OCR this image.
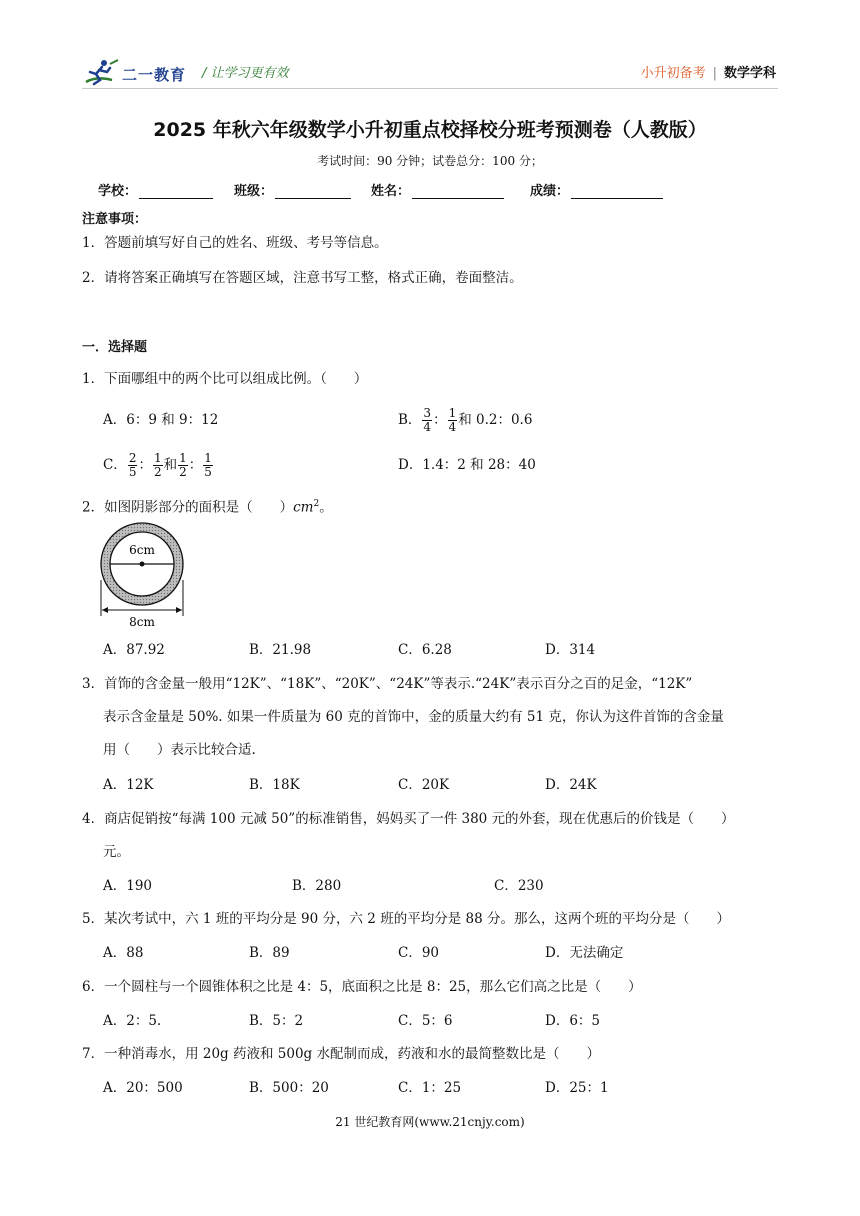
二一教育 / 让学习更有效	小升初备考 | 数学学科
2025 年秋六年级数学小升初重点校择校分班考预测卷（人教版）
考试时间：90 分钟；试卷总分：100 分；
学校：	班级：	姓名：	成绩：
注意事项：
1．答题前填写好自己的姓名、班级、考号等信息。
2．请将答案正确填写在答题区域，注意书写工整，格式正确，卷面整洁。
一．选择题
1．下面哪组中的两个比可以组成比例。（　　）
A．6：9 和 9：12	B． $\frac{3}{4}$ ： $\frac{1}{4}$ 和 0.2：0.6
C． $\frac{2}{5}$ ： $\frac{1}{2}$ 和 $\frac{1}{2}$ ： $\frac{1}{5}$	D．1.4：2 和 28：40
2．如图阴影部分的面积是（　　）$cm^2$。
6cm
8cm
A．87.92	B．21.98	C．6.28	D．314
3．首饰的含金量一般用“12K”、“18K”、“20K”、“24K”等表示.“24K”表示百分之百的足金，“12K”
表示含金量是 50%. 如果一件质量为 60 克的首饰中，金的质量大约有 51 克，你认为这件首饰的含金量
用（　　）表示比较合适.
A．12K	B．18K	C．20K	D．24K
4．商店促销按“每满 100 元减 50”的标准销售，妈妈买了一件 380 元的外套，现在优惠后的价钱是（　　）
元。
A．190	B．280	C．230
5．某次考试中，六 1 班的平均分是 90 分，六 2 班的平均分是 88 分。那么，这两个班的平均分是（　　）
A．88	B．89	C．90	D．无法确定
6．一个圆柱与一个圆锥体积之比是 4：5，底面积之比是 8：25，那么它们高之比是（　　）
A．2：5.	B．5：2	C．5：6	D．6：5
7．一种消毒水，用 20g 药液和 500g 水配制而成，药液和水的最简整数比是（　　）
A．20：500	B．500：20	C．1：25	D．25：1
21 世纪教育网(www.21cnjy.com)
